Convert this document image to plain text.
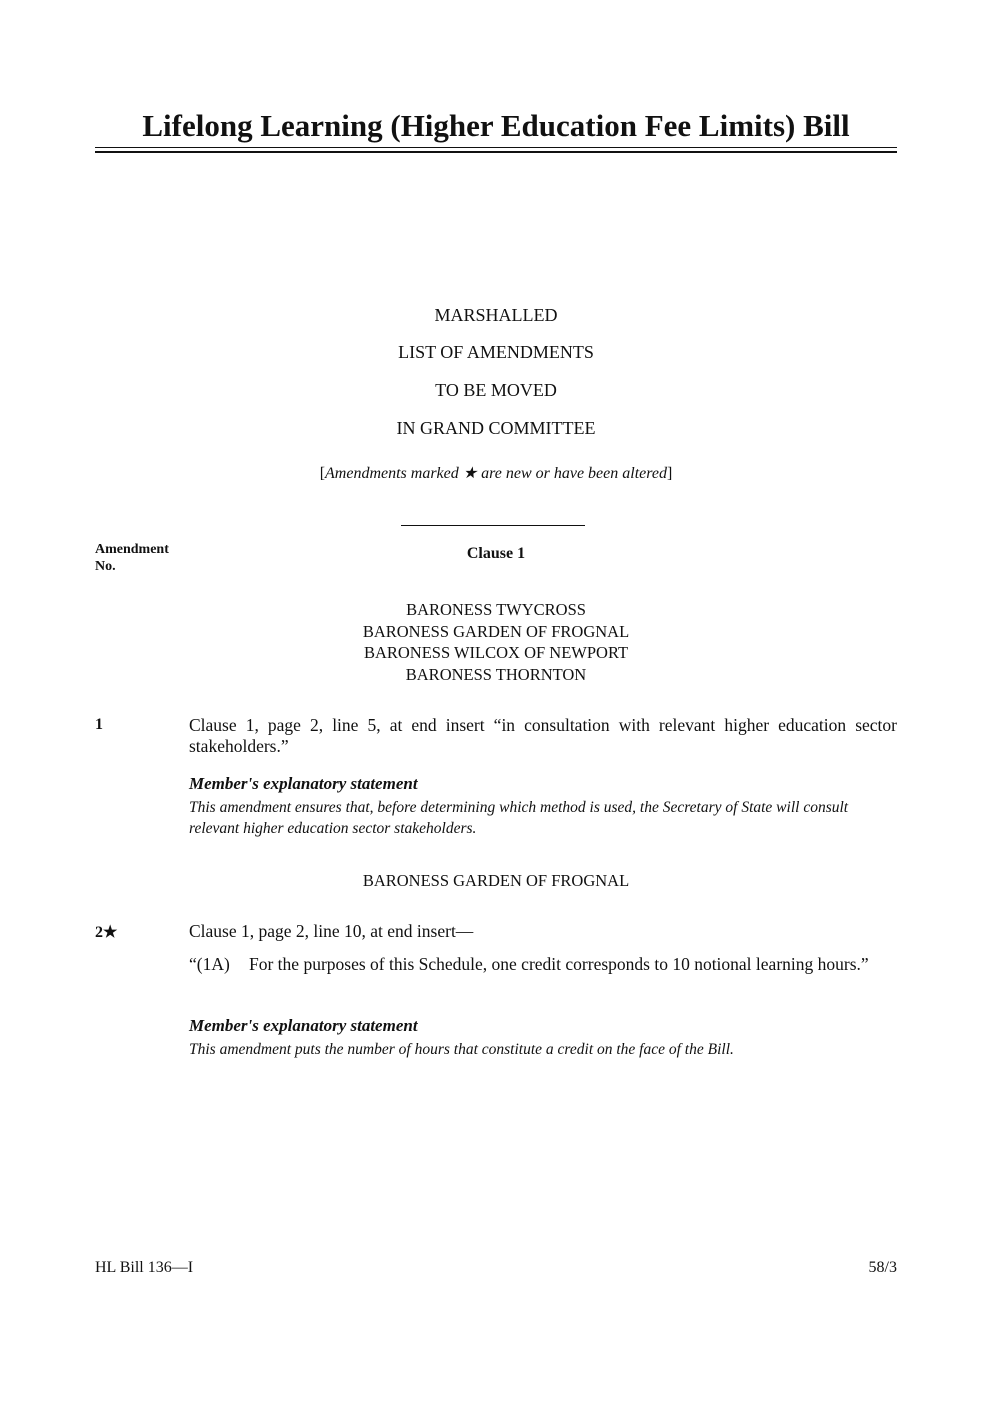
Lifelong Learning (Higher Education Fee Limits) Bill
MARSHALLED
LIST OF AMENDMENTS
TO BE MOVED
IN GRAND COMMITTEE
[Amendments marked ★ are new or have been altered]
Amendment
No.
Clause 1
BARONESS TWYCROSS
BARONESS GARDEN OF FROGNAL
BARONESS WILCOX OF NEWPORT
BARONESS THORNTON
1	Clause 1, page 2, line 5, at end insert “in consultation with relevant higher education sector stakeholders.”
Member's explanatory statement
This amendment ensures that, before determining which method is used, the Secretary of State will consult relevant higher education sector stakeholders.
BARONESS GARDEN OF FROGNAL
2★	Clause 1, page 2, line 10, at end insert—
“(1A) For the purposes of this Schedule, one credit corresponds to 10 notional learning hours.”
Member's explanatory statement
This amendment puts the number of hours that constitute a credit on the face of the Bill.
HL Bill 136—I	58/3
